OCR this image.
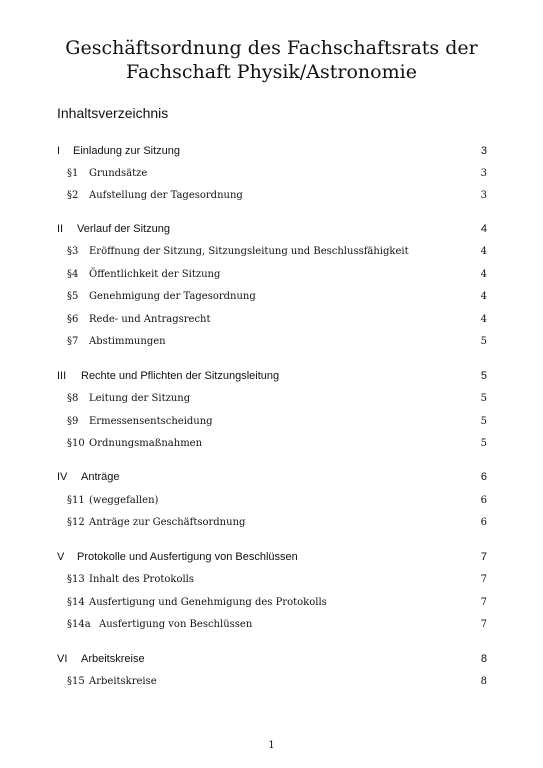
Geschäftsordnung des Fachschaftsrats der
Fachschaft Physik/Astronomie
Inhaltsverzeichnis
I	Einladung zur Sitzung	3
§1	Grundsätze	3
§2	Aufstellung der Tagesordnung	3
II	Verlauf der Sitzung	4
§3	Eröffnung der Sitzung, Sitzungsleitung und Beschlussfähigkeit	4
§4	Öffentlichkeit der Sitzung	4
§5	Genehmigung der Tagesordnung	4
§6	Rede- und Antragsrecht	4
§7	Abstimmungen	5
III	Rechte und Pflichten der Sitzungsleitung	5
§8	Leitung der Sitzung	5
§9	Ermessensentscheidung	5
§10 Ordnungsmaßnahmen	5
IV	Anträge	6
§11 (weggefallen)	6
§12 Anträge zur Geschäftsordnung	6
V	Protokolle und Ausfertigung von Beschlüssen	7
§13 Inhalt des Protokolls	7
§14 Ausfertigung und Genehmigung des Protokolls	7
§14a Ausfertigung von Beschlüssen	7
VI	Arbeitskreise	8
§15 Arbeitskreise	8
1
